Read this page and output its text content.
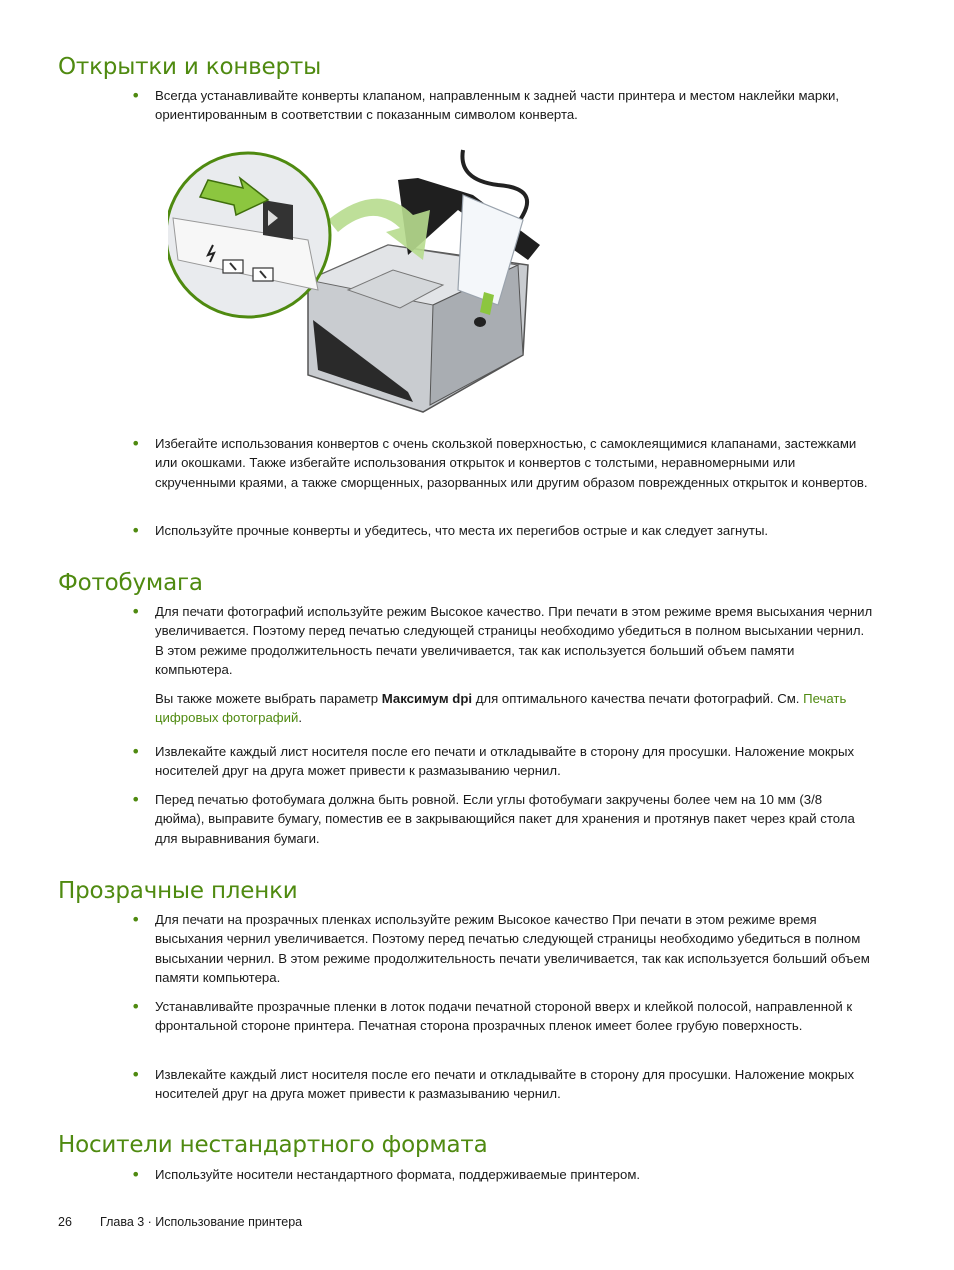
Открытки и конверты
• Всегда устанавливайте конверты клапаном, направленным к задней части принтера и местом наклейки марки, ориентированным в соответствии с показанным символом конверта.

• Избегайте использования конвертов с очень скользкой поверхностью, с самоклеящимися клапанами, застежками или окошками. Также избегайте использования открыток и конвертов с толстыми, неравномерными или скрученными краями, а также сморщенных, разорванных или другим образом поврежденных открыток и конвертов.

• Используйте прочные конверты и убедитесь, что места их перегибов острые и как следует загнуты.

Фотобумага
• Для печати фотографий используйте режим Высокое качество. При печати в этом режиме время высыхания чернил увеличивается. Поэтому перед печатью следующей страницы необходимо убедиться в полном высыхании чернил. В этом режиме продолжительность печати увеличивается, так как используется больший объем памяти компьютера.

Вы также можете выбрать параметр Максимум dpi для оптимального качества печати фотографий. См. Печать цифровых фотографий.
• Извлекайте каждый лист носителя после его печати и откладывайте в сторону для просушки. Наложение мокрых носителей друг на друга может привести к размазыванию чернил.

• Перед печатью фотобумага должна быть ровной. Если углы фотобумаги закручены более чем на 10 мм (3/8 дюйма), выправите бумагу, поместив ее в закрывающийся пакет для хранения и протянув пакет через край стола для выравнивания бумаги.

Прозрачные пленки
• Для печати на прозрачных пленках используйте режим Высокое качество При печати в этом режиме время высыхания чернил увеличивается. Поэтому перед печатью следующей страницы необходимо убедиться в полном высыхании чернил. В этом режиме продолжительность печати увеличивается, так как используется больший объем памяти компьютера.

• Устанавливайте прозрачные пленки в лоток подачи печатной стороной вверх и клейкой полосой, направленной к фронтальной стороне принтера. Печатная сторона прозрачных пленок имеет более грубую поверхность.

• Извлекайте каждый лист носителя после его печати и откладывайте в сторону для просушки. Наложение мокрых носителей друг на друга может привести к размазыванию чернил.

Носители нестандартного формата
• Используйте носители нестандартного формата, поддерживаемые принтером.

26 Глава 3 · Использование принтера
